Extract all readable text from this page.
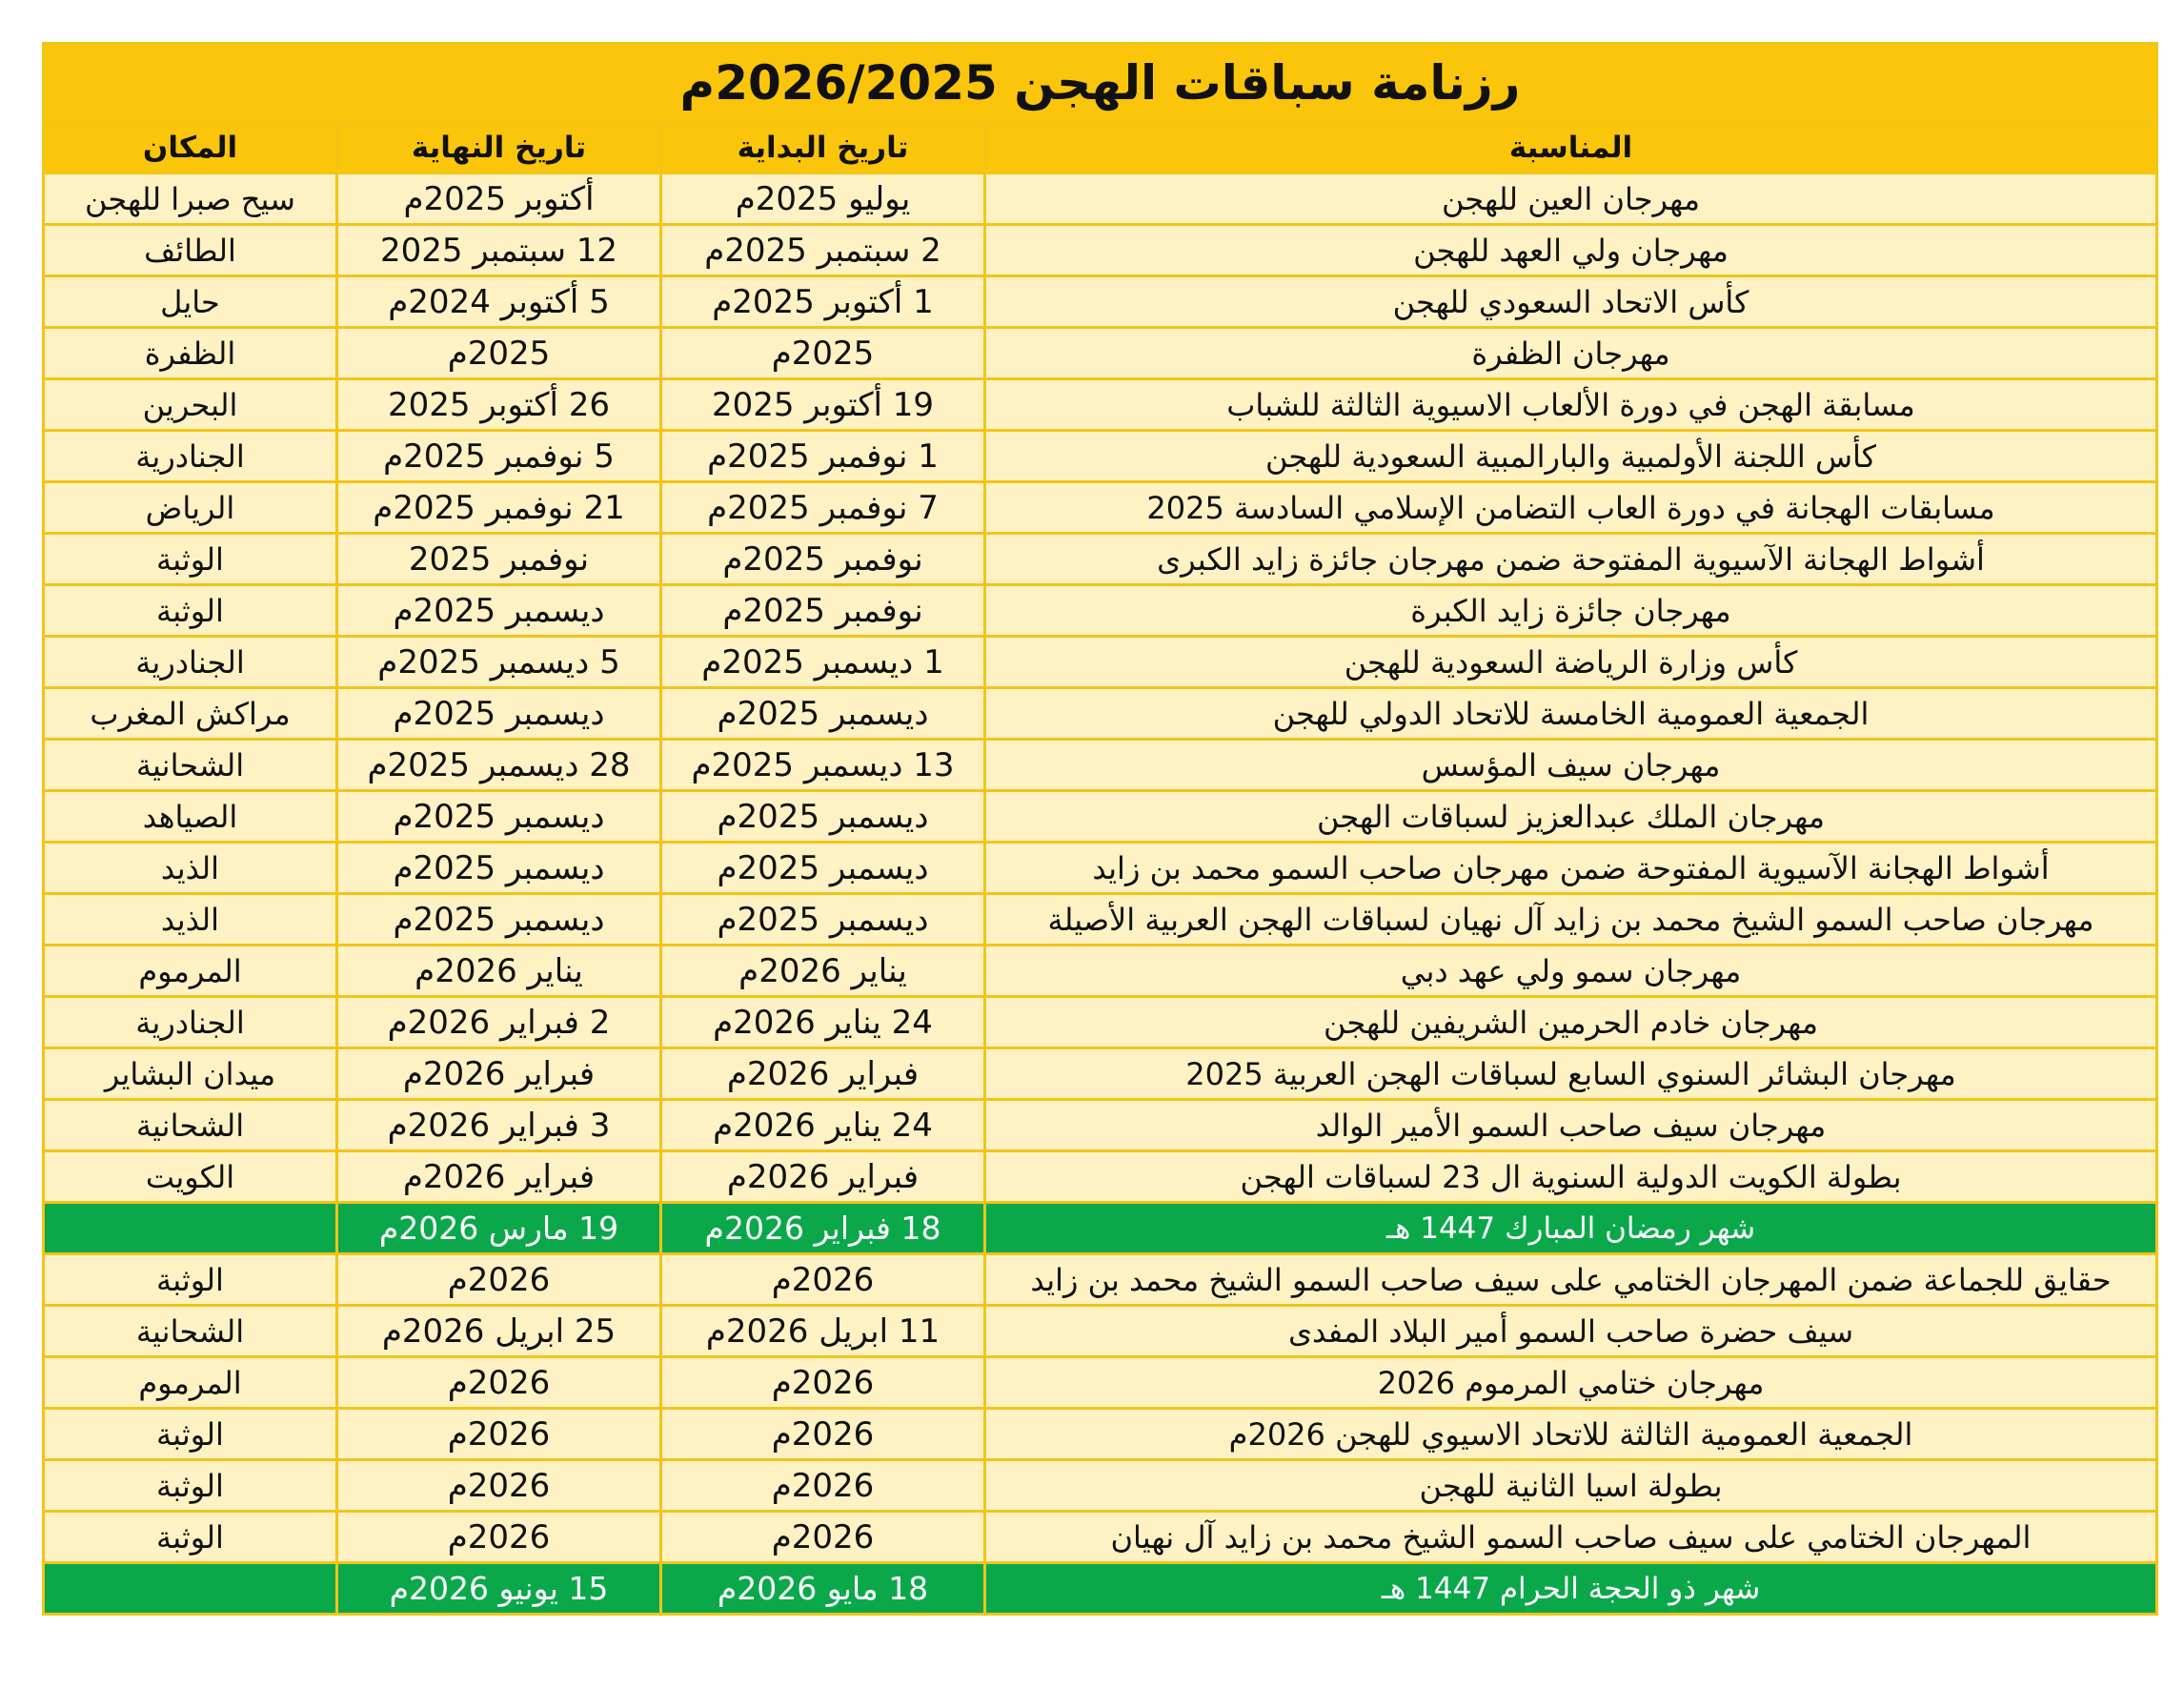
رزنامة سباقات الهجن 2026/2025م			
المناسبة	تاريخ البداية	تاريخ النهاية	المكان
مهرجان العين للهجن	يوليو 2025م	أكتوبر 2025م	سيح صبرا للهجن
مهرجان ولي العهد للهجن	2 سبتمبر 2025م	12 سبتمبر 2025	الطائف
كأس الاتحاد السعودي للهجن	1 أكتوبر 2025م	5 أكتوبر 2024م	حايل
مهرجان الظفرة	2025م	2025م	الظفرة
مسابقة الهجن في دورة الألعاب الاسيوية الثالثة للشباب	19 أكتوبر 2025	26 أكتوبر 2025	البحرين
كأس اللجنة الأولمبية والبارالمبية السعودية للهجن	1 نوفمبر 2025م	5 نوفمبر 2025م	الجنادرية
مسابقات الهجانة في دورة العاب التضامن الإسلامي السادسة 2025	7 نوفمبر 2025م	21 نوفمبر 2025م	الرياض
أشواط الهجانة الآسيوية المفتوحة ضمن مهرجان جائزة زايد الكبرى	نوفمبر 2025م	نوفمبر 2025	الوثبة
مهرجان جائزة زايد الكبرة	نوفمبر 2025م	ديسمبر 2025م	الوثبة
كأس وزارة الرياضة السعودية للهجن	1 ديسمبر 2025م	5 ديسمبر 2025م	الجنادرية
الجمعية العمومية الخامسة للاتحاد الدولي للهجن	ديسمبر 2025م	ديسمبر 2025م	مراكش المغرب
مهرجان سيف المؤسس	13 ديسمبر 2025م	28 ديسمبر 2025م	الشحانية
مهرجان الملك عبدالعزيز لسباقات الهجن	ديسمبر 2025م	ديسمبر 2025م	الصياهد
أشواط الهجانة الآسيوية المفتوحة ضمن مهرجان صاحب السمو محمد بن زايد	ديسمبر 2025م	ديسمبر 2025م	الذيد
مهرجان صاحب السمو الشيخ محمد بن زايد آل نهيان لسباقات الهجن العربية الأصيلة	ديسمبر 2025م	ديسمبر 2025م	الذيد
مهرجان سمو ولي عهد دبي	يناير 2026م	يناير 2026م	المرموم
مهرجان خادم الحرمين الشريفين للهجن	24 يناير 2026م	2 فبراير 2026م	الجنادرية
مهرجان البشائر السنوي السابع لسباقات الهجن العربية 2025	فبراير 2026م	فبراير 2026م	ميدان البشاير
مهرجان سيف صاحب السمو الأمير الوالد	24 يناير 2026م	3 فبراير 2026م	الشحانية
بطولة الكويت الدولية السنوية ال 23 لسباقات الهجن	فبراير 2026م	فبراير 2026م	الكويت
شهر رمضان المبارك 1447 هـ	18 فبراير 2026م	19 مارس 2026م	
حقايق للجماعة ضمن المهرجان الختامي على سيف صاحب السمو الشيخ محمد بن زايد	2026م	2026م	الوثبة
سيف حضرة صاحب السمو أمير البلاد المفدى	11 ابريل 2026م	25 ابريل 2026م	الشحانية
مهرجان ختامي المرموم 2026	2026م	2026م	المرموم
الجمعية العمومية الثالثة للاتحاد الاسيوي للهجن 2026م	2026م	2026م	الوثبة
بطولة اسيا الثانية للهجن	2026م	2026م	الوثبة
المهرجان الختامي على سيف صاحب السمو الشيخ محمد بن زايد آل نهيان	2026م	2026م	الوثبة
شهر ذو الحجة الحرام 1447 هـ	18 مايو 2026م	15 يونيو 2026م	
